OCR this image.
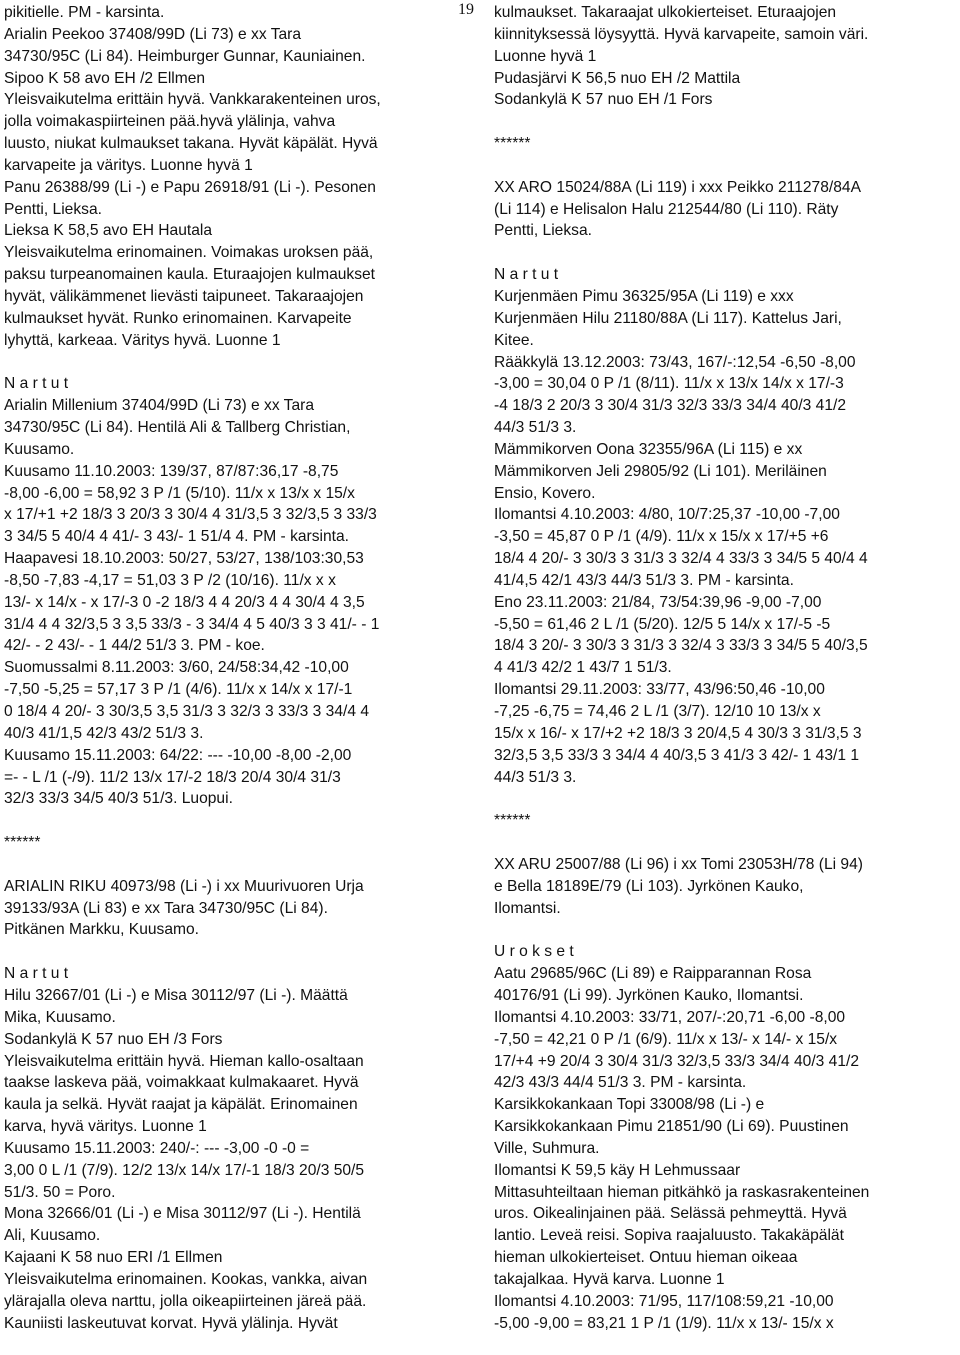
19
pikitielle. PM - karsinta.
Arialin Peekoo 37408/99D (Li 73) e xx Tara
34730/95C (Li 84). Heimburger Gunnar, Kauniainen.
Sipoo K 58 avo EH /2 Ellmen
Yleisvaikutelma erittäin hyvä. Vankkarakenteinen uros,
jolla voimakaspiirteinen pää.hyvä ylälinja, vahva
luusto, niukat kulmaukset takana. Hyvät käpälät. Hyvä
karvapeite ja väritys. Luonne hyvä 1
Panu 26388/99 (Li -) e Papu 26918/91 (Li -). Pesonen
Pentti, Lieksa.
Lieksa K 58,5 avo EH Hautala
Yleisvaikutelma erinomainen. Voimakas uroksen pää,
paksu turpeanomainen kaula. Eturaajojen kulmaukset
hyvät, välikämmenet lievästi taipuneet. Takaraajojen
kulmaukset hyvät. Runko erinomainen. Karvapeite
lyhyttä, karkeaa. Väritys hyvä. Luonne 1
N a r t u t
Arialin Millenium 37404/99D (Li 73) e xx Tara
34730/95C (Li 84). Hentilä Ali & Tallberg Christian,
Kuusamo.
Kuusamo 11.10.2003: 139/37, 87/87:36,17 -8,75
-8,00 -6,00 = 58,92 3 P /1 (5/10). 11/x x 13/x x 15/x
x 17/+1 +2 18/3 3 20/3 3 30/4 4 31/3,5 3 32/3,5 3 33/3
3 34/5 5 40/4 4 41/- 3 43/- 1 51/4 4. PM - karsinta.
Haapavesi 18.10.2003: 50/27, 53/27, 138/103:30,53
-8,50 -7,83 -4,17 = 51,03 3 P /2 (10/16). 11/x x x
13/- x 14/x - x 17/-3 0 -2 18/3 4 4 20/3 4 4 30/4 4 3,5
31/4 4 4 32/3,5 3 3,5 33/3 - 3 34/4 4 5 40/3 3 3 41/- - 1
42/- - 2 43/- - 1 44/2 51/3 3. PM - koe.
Suomussalmi 8.11.2003: 3/60, 24/58:34,42 -10,00
-7,50 -5,25 = 57,17 3 P /1 (4/6). 11/x x 14/x x 17/-1
0 18/4 4 20/- 3 30/3,5 3,5 31/3 3 32/3 3 33/3 3 34/4 4
40/3 41/1,5 42/3 43/2 51/3 3.
Kuusamo 15.11.2003: 64/22: --- -10,00 -8,00 -2,00
=- - L /1 (-/9). 11/2 13/x 17/-2 18/3 20/4 30/4 31/3
32/3 33/3 34/5 40/3 51/3. Luopui.
******
ARIALIN RIKU 40973/98 (Li -) i xx Muurivuoren Urja
39133/93A (Li 83) e xx Tara 34730/95C (Li 84).
Pitkänen Markku, Kuusamo.
N a r t u t
Hilu 32667/01 (Li -) e Misa 30112/97 (Li -). Määttä
Mika, Kuusamo.
Sodankylä K 57 nuo EH /3 Fors
Yleisvaikutelma erittäin hyvä. Hieman kallo-osaltaan
taakse laskeva pää, voimakkaat kulmakaaret. Hyvä
kaula ja selkä. Hyvät raajat ja käpälät. Erinomainen
karva, hyvä väritys. Luonne 1
Kuusamo 15.11.2003: 240/-: --- -3,00 -0 -0 =
3,00 0 L /1 (7/9). 12/2 13/x 14/x 17/-1 18/3 20/3 50/5
51/3. 50 = Poro.
Mona 32666/01 (Li -) e Misa 30112/97 (Li -). Hentilä
Ali, Kuusamo.
Kajaani K 58 nuo ERI /1 Ellmen
Yleisvaikutelma erinomainen. Kookas, vankka, aivan
ylärajalla oleva narttu, jolla oikeapiirteinen järeä pää.
Kauniisti laskeutuvat korvat. Hyvä ylälinja. Hyvät
kulmaukset. Takaraajat ulkokierteiset. Eturaajojen
kiinnityksessä löysyyttä. Hyvä karvapeite, samoin väri.
Luonne hyvä 1
Pudasjärvi K 56,5 nuo EH /2 Mattila
Sodankylä K 57 nuo EH /1 Fors
******
XX ARO 15024/88A (Li 119) i xxx Peikko 211278/84A
(Li 114) e Helisalon Halu 212544/80 (Li 110). Räty
Pentti, Lieksa.
N a r t u t
Kurjenmäen Pimu 36325/95A (Li 119) e xxx
Kurjenmäen Hilu 21180/88A (Li 117). Kattelus Jari,
Kitee.
Rääkkylä 13.12.2003: 73/43, 167/-:12,54 -6,50 -8,00
-3,00 = 30,04 0 P /1 (8/11). 11/x x 13/x 14/x x 17/-3
-4 18/3 2 20/3 3 30/4 31/3 32/3 33/3 34/4 40/3 41/2
44/3 51/3 3.
Mämmikorven Oona 32355/96A (Li 115) e xx
Mämmikorven Jeli 29805/92 (Li 101). Meriläinen
Ensio, Kovero.
Ilomantsi 4.10.2003: 4/80, 10/7:25,37 -10,00 -7,00
-3,50 = 45,87 0 P /1 (4/9). 11/x x 15/x x 17/+5 +6
18/4 4 20/- 3 30/3 3 31/3 3 32/4 4 33/3 3 34/5 5 40/4 4
41/4,5 42/1 43/3 44/3 51/3 3. PM - karsinta.
Eno 23.11.2003: 21/84, 73/54:39,96 -9,00 -7,00
-5,50 = 61,46 2 L /1 (5/20). 12/5 5 14/x x 17/-5 -5
18/4 3 20/- 3 30/3 3 31/3 3 32/4 3 33/3 3 34/5 5 40/3,5
4 41/3 42/2 1 43/7 1 51/3.
Ilomantsi 29.11.2003: 33/77, 43/96:50,46 -10,00
-7,25 -6,75 = 74,46 2 L /1 (3/7). 12/10 10 13/x x
15/x x 16/- x 17/+2 +2 18/3 3 20/4,5 4 30/3 3 31/3,5 3
32/3,5 3,5 33/3 3 34/4 4 40/3,5 3 41/3 3 42/- 1 43/1 1
44/3 51/3 3.
******
XX ARU 25007/88 (Li 96) i xx Tomi 23053H/78 (Li 94)
e Bella 18189E/79 (Li 103). Jyrkönen Kauko,
Ilomantsi.
U r o k s e t
Aatu 29685/96C (Li 89) e Raipparannan Rosa
40176/91 (Li 99). Jyrkönen Kauko, Ilomantsi.
Ilomantsi 4.10.2003: 33/71, 207/-:20,71 -6,00 -8,00
-7,50 = 42,21 0 P /1 (6/9). 11/x x 13/- x 14/- x 15/x
17/+4 +9 20/4 3 30/4 31/3 32/3,5 33/3 34/4 40/3 41/2
42/3 43/3 44/4 51/3 3. PM - karsinta.
Karsikkokankaan Topi 33008/98 (Li -) e
Karsikkokankaan Pimu 21851/90 (Li 69). Puustinen
Ville, Suhmura.
Ilomantsi K 59,5 käy H Lehmussaar
Mittasuhteiltaan hieman pitkähkö ja raskasrakenteinen
uros. Oikealinjainen pää. Selässä pehmeyttä. Hyvä
lantio. Leveä reisi. Sopiva raajaluusto. Takakäpälät
hieman ulkokierteiset. Ontuu hieman oikeaa
takajalkaa. Hyvä karva. Luonne 1
Ilomantsi 4.10.2003: 71/95, 117/108:59,21 -10,00
-5,00 -9,00 = 83,21 1 P /1 (1/9). 11/x x 13/- 15/x x
